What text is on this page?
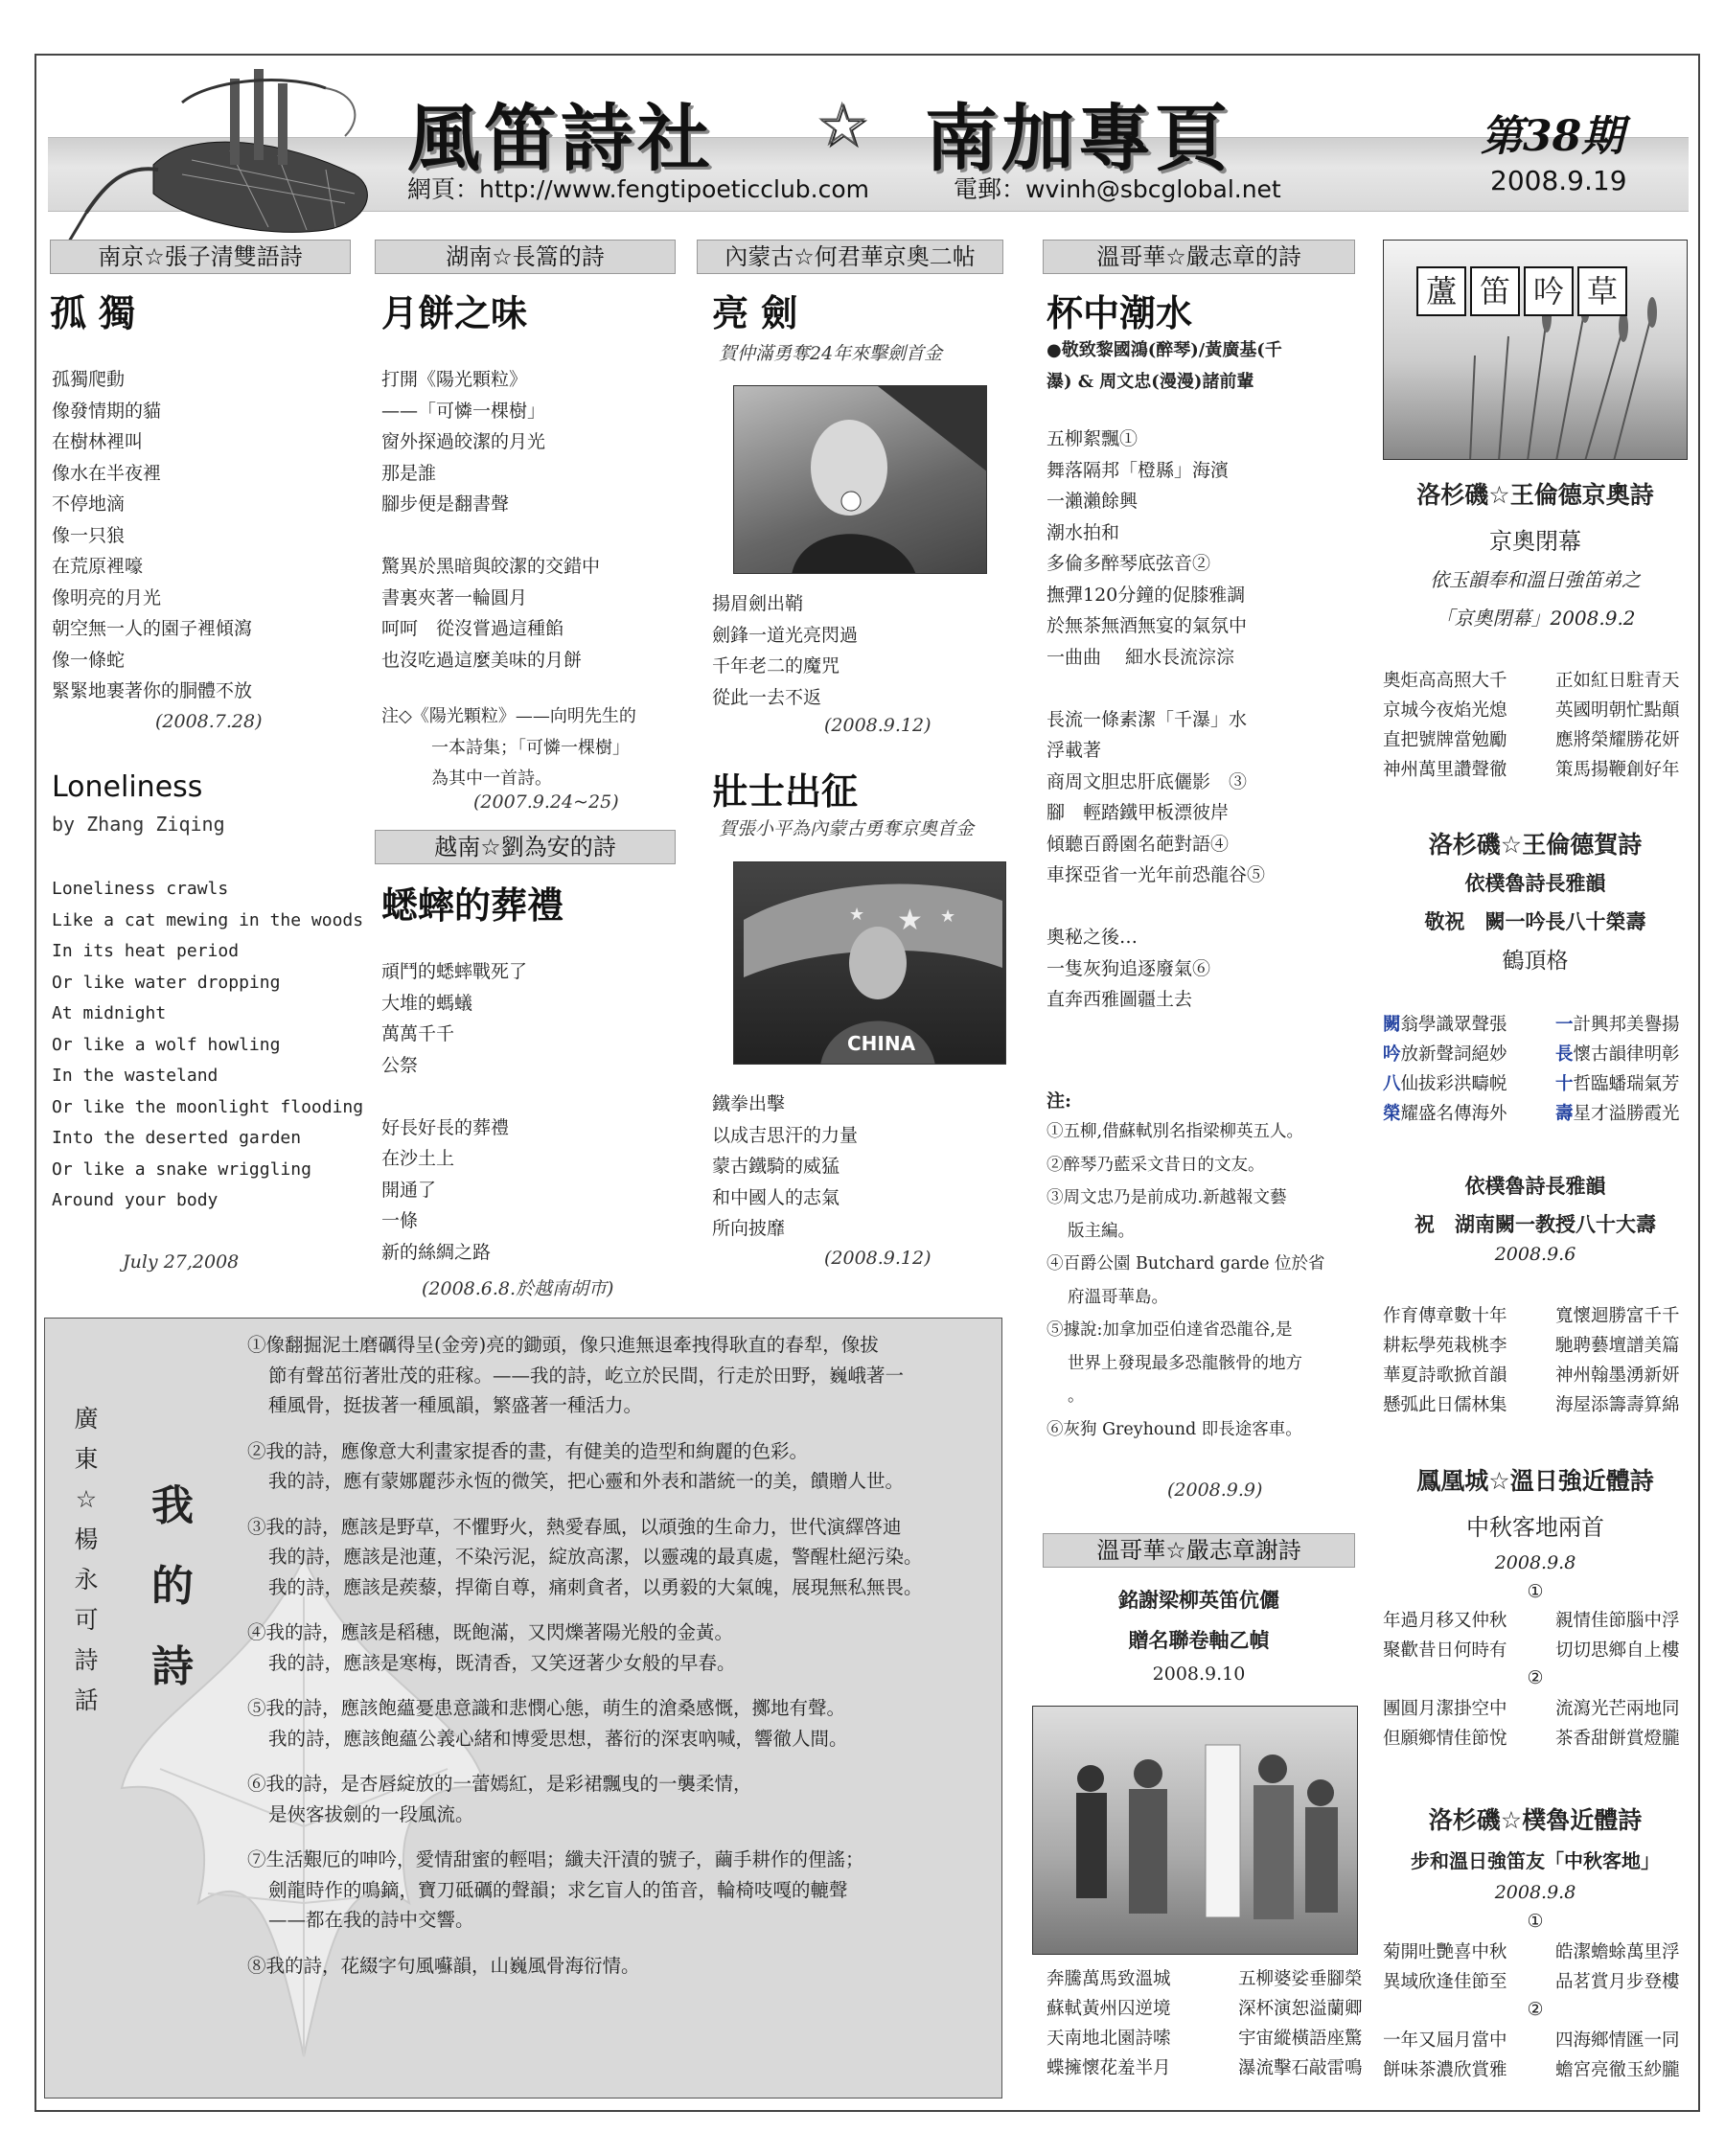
風笛詩社 ☆ 南加專頁	第38期
2008.9.19
網頁：http://www.fengtipoeticclub.com	電郵：wvinh@sbcglobal.net
南京☆張子清雙語詩
孤 獨
孤獨爬動
像發情期的貓
在樹林裡叫
像水在半夜裡
不停地滴
像一只狼
在荒原裡嚎
像明亮的月光
朝空無一人的園子裡傾瀉
像一條蛇
緊緊地裹著你的胴體不放
(2008.7.28)
Loneliness
by Zhang Ziqing
Loneliness crawls
Like a cat mewing in the woods
In its heat period
Or like water dropping
At midnight
Or like a wolf howling
In the wasteland
Or like the moonlight flooding
Into the deserted garden
Or like a snake wriggling
Around your body
July 27,2008
湖南☆長篙的詩
月餅之味
打開《陽光顆粒》
——「可憐一棵樹」
窗外探過皎潔的月光
那是誰
腳步便是翻書聲
驚異於黑暗與皎潔的交錯中
書裏夾著一輪圓月
呵呵　從沒嘗過這種餡
也沒吃過這麼美味的月餅
注◇《陽光顆粒》——向明先生的
一本詩集；「可憐一棵樹」
為其中一首詩。
(2007.9.24~25)
越南☆劉為安的詩
蟋蟀的葬禮
頑鬥的蟋蟀戰死了
大堆的螞蟻
萬萬千千
公祭
好長好長的葬禮
在沙土上
開通了
一條
新的絲綢之路
(2008.6.8.於越南胡市)
內蒙古☆何君華京奧二帖
亮 劍
賀仲滿勇奪24年來擊劍首金
揚眉劍出鞘
劍鋒一道光亮閃過
千年老二的魔咒
從此一去不返
(2008.9.12)
壯士出征
賀張小平為內蒙古勇奪京奧首金
★
★	★
CHINA
鐵拳出擊
以成吉思汗的力量
蒙古鐵騎的威猛
和中國人的志氣
所向披靡
(2008.9.12)
溫哥華☆嚴志章的詩
杯中潮水
●敬致黎國鴻(醉琴)/黃廣基(千
瀑) & 周文忠(漫漫)諸前輩
五柳絮飄①
舞落隔邦「橙縣」海濱
一瀨瀨餘興
潮水拍和
多倫多醉琴底弦音②
撫彈120分鐘的促膝雅調
於無茶無酒無宴的氣氛中
一曲曲　 細水長流淙淙
長流一條素潔「千瀑」水
浮載著
商周文胆忠肝底儷影　③
腳　輕踏鐵甲板漂彼岸
傾聽百爵園名葩對語④
車探亞省一光年前恐龍谷⑤
奧秘之後…
一隻灰狗追逐廢氣⑥
直奔西雅圖疆土去
注:
①五柳,借蘇軾別名指梁柳英五人。
②醉琴乃藍采文昔日的文友。
③周文忠乃是前成功.新越報文藝
版主編。
④百爵公園 Butchard garde 位於省
府溫哥華島。
⑤據說:加拿加亞伯達省恐龍谷,是
世界上發現最多恐龍骸骨的地方
。
⑥灰狗 Greyhound 即長途客車。
(2008.9.9)
溫哥華☆嚴志章謝詩
銘謝梁柳英笛伉儷
贈名聯卷軸乙幀
2008.9.10
奔騰萬馬致溫城	五柳婆娑垂腳榮
蘇軾黃州囚逆境	深杯演恕溢蘭卿
天南地北園詩嗦	宇宙縱橫語座驚
蝶擁懷花羞半月	瀑流擊石敲雷鳴
蘆 笛 吟 草
洛杉磯☆王倫德京奧詩
京奧閉幕
依玉韻奉和溫日強笛弟之
「京奧閉幕」2008.9.2
奧炬高高照大千	正如紅日駐青天
京城今夜焰光熄	英國明朝忙點顛
直把號牌當勉勵	應將榮耀勝花妍
神州萬里讚聲徹	策馬揚鞭創好年
洛杉磯☆王倫德賀詩
依樸魯詩長雅韻
敬祝　闕一吟長八十榮壽
鶴頂格
闕翁學識眾聲張	一計興邦美譽揚
吟放新聲詞絕妙	長懷古韻律明彰
八仙拔彩洪疇帨	十哲臨蟠瑞氣芳
榮耀盛名傳海外	壽星才溢勝霞光
依樸魯詩長雅韻
祝　湖南闕一教授八十大壽
2008.9.6
作育傳章數十年	寬懷迴勝富千千
耕耘學苑栽桃李	馳聘藝壇譜美篇
華夏詩歌掀首韻	神州翰墨湧新妍
懸弧此日儒林集	海屋添籌壽算綿
鳳凰城☆溫日強近體詩
中秋客地兩首
2008.9.8
①
年過月移又仲秋	親情佳節腦中浮
聚歡昔日何時有	切切思鄉自上樓
②
團圓月潔掛空中	流瀉光芒兩地同
但願鄉情佳節悅	茶香甜餅賞燈朧
洛杉磯☆樸魯近體詩
步和溫日強笛友「中秋客地」
2008.9.8
①
菊開吐艷喜中秋	皓潔蟾蜍萬里浮
異域欣逢佳節至	品茗賞月步登樓
②
一年又屆月當中	四海鄉情匯一同
餅味茶濃欣賞雅	蟾宮亮徹玉紗朧
廣
東
☆
楊
永
可
詩
話
我
的
詩
①像翻掘泥土磨礪得呈(金旁)亮的鋤頭，像只進無退牽拽得耿直的春犁，像拔
節有聲茁衍著壯茂的莊稼。——我的詩，屹立於民間，行走於田野，巍峨著一
種風骨，挺拔著一種風韻，繁盛著一種活力。
②我的詩，應像意大利畫家提香的畫，有健美的造型和絢麗的色彩。
我的詩，應有蒙娜麗莎永恆的微笑，把心靈和外表和諧統一的美，饋贈人世。
③我的詩，應該是野草，不懼野火，熱愛春風，以頑強的生命力，世代演繹啓迪
我的詩，應該是池蓮，不染污泥，綻放高潔，以靈魂的最真處，警醒杜絕污染。
我的詩，應該是蒺藜，捍衛自尊，痛刺貪者，以勇毅的大氣魄，展現無私無畏。
④我的詩，應該是稻穗，既飽滿，又閃爍著陽光般的金黃。
我的詩，應該是寒梅，既清香，又笑迓著少女般的早春。
⑤我的詩，應該飽蘊憂患意識和悲憫心態，萌生的滄桑感慨，擲地有聲。
我的詩，應該飽蘊公義心緒和博愛思想，蕃衍的深衷吶喊，響徹人間。
⑥我的詩，是杏唇綻放的一蕾嫣紅，是彩裙飄曳的一襲柔情，
是俠客拔劍的一段風流。
⑦生活艱厄的呻吟，愛情甜蜜的輕唱；纖夫汗漬的號子，繭手耕作的俚謠；
劍龍時作的鳴鏑，寶刀砥礪的聲韻；求乞盲人的笛音，輪椅吱嘎的轆聲
——都在我的詩中交響。
⑧我的詩，花綴字句風囌韻，山巍風骨海衍情。
